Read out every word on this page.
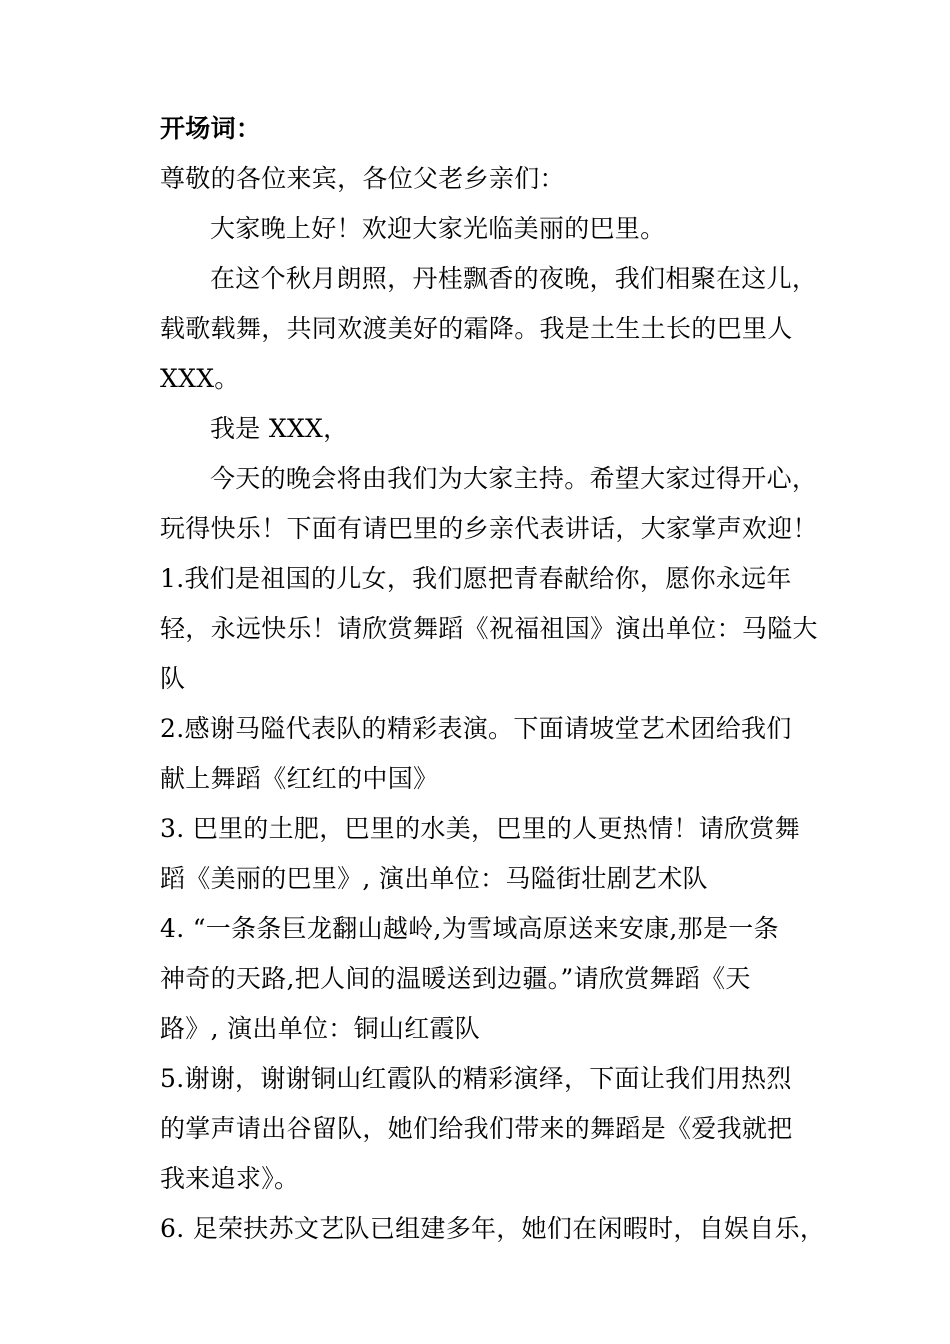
开场词：
尊敬的各位来宾，各位父老乡亲们：
大家晚上好！欢迎大家光临美丽的巴里。
在这个秋月朗照，丹桂飘香的夜晚，我们相聚在这儿，
载歌载舞，共同欢渡美好的霜降。我是土生土长的巴里人
XXX。
我是 XXX，
今天的晚会将由我们为大家主持。希望大家过得开心，
玩得快乐！下面有请巴里的乡亲代表讲话，大家掌声欢迎！
1.我们是祖国的儿女，我们愿把青春献给你，愿你永远年
轻，永远快乐！请欣赏舞蹈《祝福祖国》演出单位：马隘大
队
2.感谢马隘代表队的精彩表演。下面请坡堂艺术团给我们
献上舞蹈《红红的中国》
3. 巴里的土肥，巴里的水美，巴里的人更热情！请欣赏舞
蹈《美丽的巴里》, 演出单位：马隘街壮剧艺术队
4. “一条条巨龙翻山越岭,为雪域高原送来安康,那是一条
神奇的天路,把人间的温暖送到边疆。”请欣赏舞蹈《天
路》, 演出单位：铜山红霞队
5.谢谢，谢谢铜山红霞队的精彩演绎，下面让我们用热烈
的掌声请出谷留队，她们给我们带来的舞蹈是《爱我就把
我来追求》。
6. 足荣扶苏文艺队已组建多年，她们在闲暇时，自娱自乐，
